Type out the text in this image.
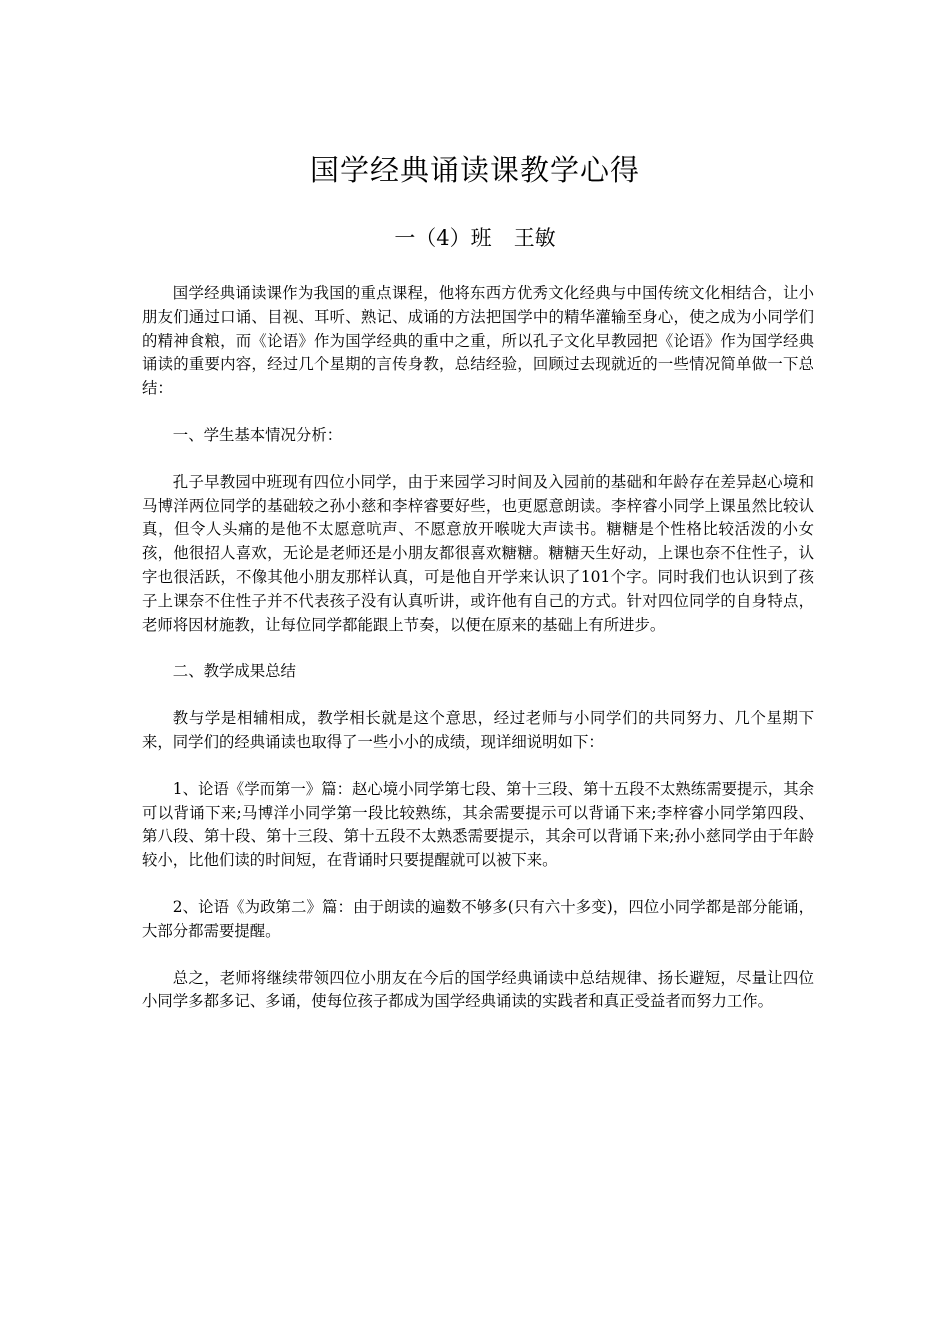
国学经典诵读课教学心得
一（4）班 王敏

国学经典诵读课作为我国的重点课程，他将东西方优秀文化经典与中国传统文化相结合，让小朋友们通过口诵、目视、耳听、熟记、成诵的方法把国学中的精华灌输至身心，使之成为小同学们的精神食粮，而《论语》作为国学经典的重中之重，所以孔子文化早教园把《论语》作为国学经典诵读的重要内容，经过几个星期的言传身教，总结经验，回顾过去现就近的一些情况简单做一下总结：

一、学生基本情况分析：

孔子早教园中班现有四位小同学，由于来园学习时间及入园前的基础和年龄存在差异赵心境和马博洋两位同学的基础较之孙小慈和李梓睿要好些，也更愿意朗读。李梓睿小同学上课虽然比较认真，但令人头痛的是他不太愿意吭声、不愿意放开喉咙大声读书。糖糖是个性格比较活泼的小女孩，他很招人喜欢，无论是老师还是小朋友都很喜欢糖糖。糖糖天生好动，上课也奈不住性子，认字也很活跃，不像其他小朋友那样认真，可是他自开学来认识了101个字。同时我们也认识到了孩子上课奈不住性子并不代表孩子没有认真听讲，或许他有自己的方式。针对四位同学的自身特点，老师将因材施教，让每位同学都能跟上节奏，以便在原来的基础上有所进步。

二、教学成果总结

教与学是相辅相成，教学相长就是这个意思，经过老师与小同学们的共同努力、几个星期下来，同学们的经典诵读也取得了一些小小的成绩，现详细说明如下：

1、论语《学而第一》篇：赵心境小同学第七段、第十三段、第十五段不太熟练需要提示，其余可以背诵下来;马博洋小同学第一段比较熟练，其余需要提示可以背诵下来;李梓睿小同学第四段、第八段、第十段、第十三段、第十五段不太熟悉需要提示，其余可以背诵下来;孙小慈同学由于年龄较小，比他们读的时间短，在背诵时只要提醒就可以被下来。

2、论语《为政第二》篇：由于朗读的遍数不够多(只有六十多变)，四位小同学都是部分能诵，大部分都需要提醒。

总之，老师将继续带领四位小朋友在今后的国学经典诵读中总结规律、扬长避短，尽量让四位小同学多都多记、多诵，使每位孩子都成为国学经典诵读的实践者和真正受益者而努力工作。
